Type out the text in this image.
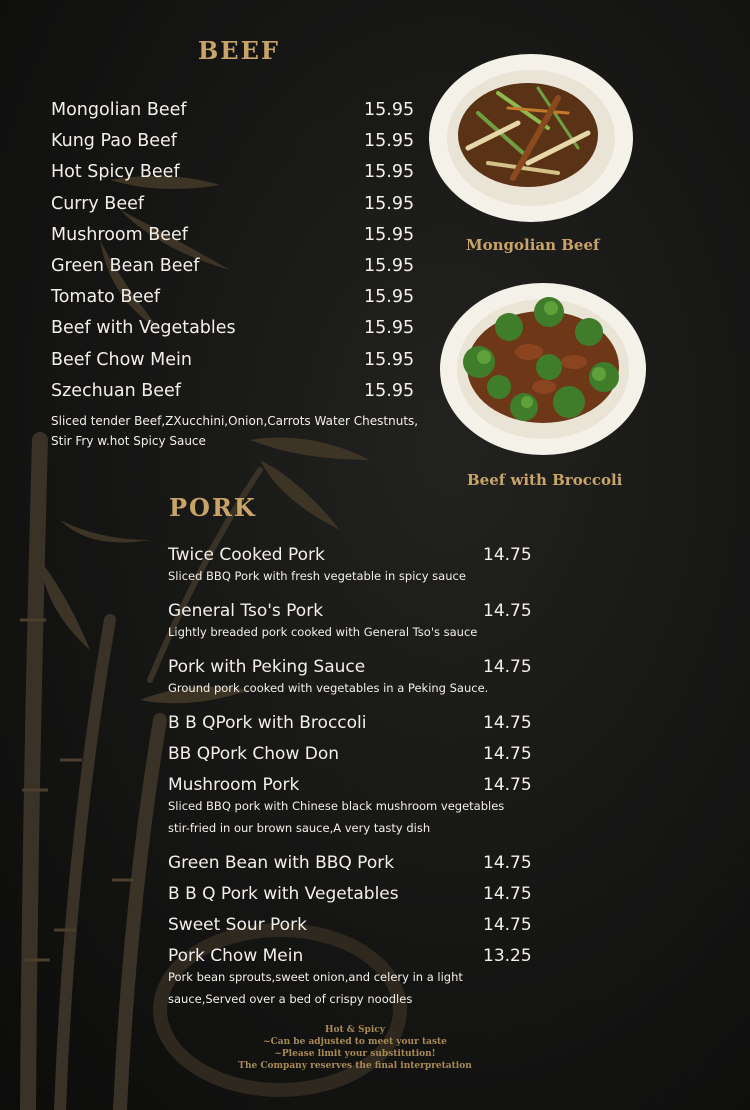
BEEF
Mongolian Beef	15.95
Kung Pao Beef	15.95
Hot Spicy Beef	15.95
Curry Beef	15.95
Mushroom Beef	15.95
Green Bean Beef	15.95
Tomato Beef	15.95
Beef with Vegetables	15.95
Beef Chow Mein	15.95
Szechuan Beef	15.95
Sliced tender Beef,ZXucchini,Onion,Carrots Water Chestnuts,
Stir Fry w.hot Spicy Sauce
Mongolian Beef
Beef with Broccoli
PORK
Twice Cooked Pork	14.75
Sliced BBQ Pork with fresh vegetable in spicy sauce
General Tso's Pork	14.75
Lightly breaded pork cooked with General Tso's sauce
Pork with Peking Sauce	14.75
Ground pork cooked with vegetables in a Peking Sauce.
B B QPork with Broccoli	14.75
BB QPork Chow Don	14.75
Mushroom Pork	14.75
Sliced BBQ pork with Chinese black mushroom vegetables
stir-fried in our brown sauce,A very tasty dish
Green Bean with BBQ Pork	14.75
B B Q Pork with Vegetables	14.75
Sweet Sour Pork	14.75
Pork Chow Mein	13.25
Pork bean sprouts,sweet onion,and celery in a light
sauce,Served over a bed of crispy noodles
Hot & Spicy
~Can be adjusted to meet your taste
~Please limit your substitution!
The Company reserves the final interpretation
